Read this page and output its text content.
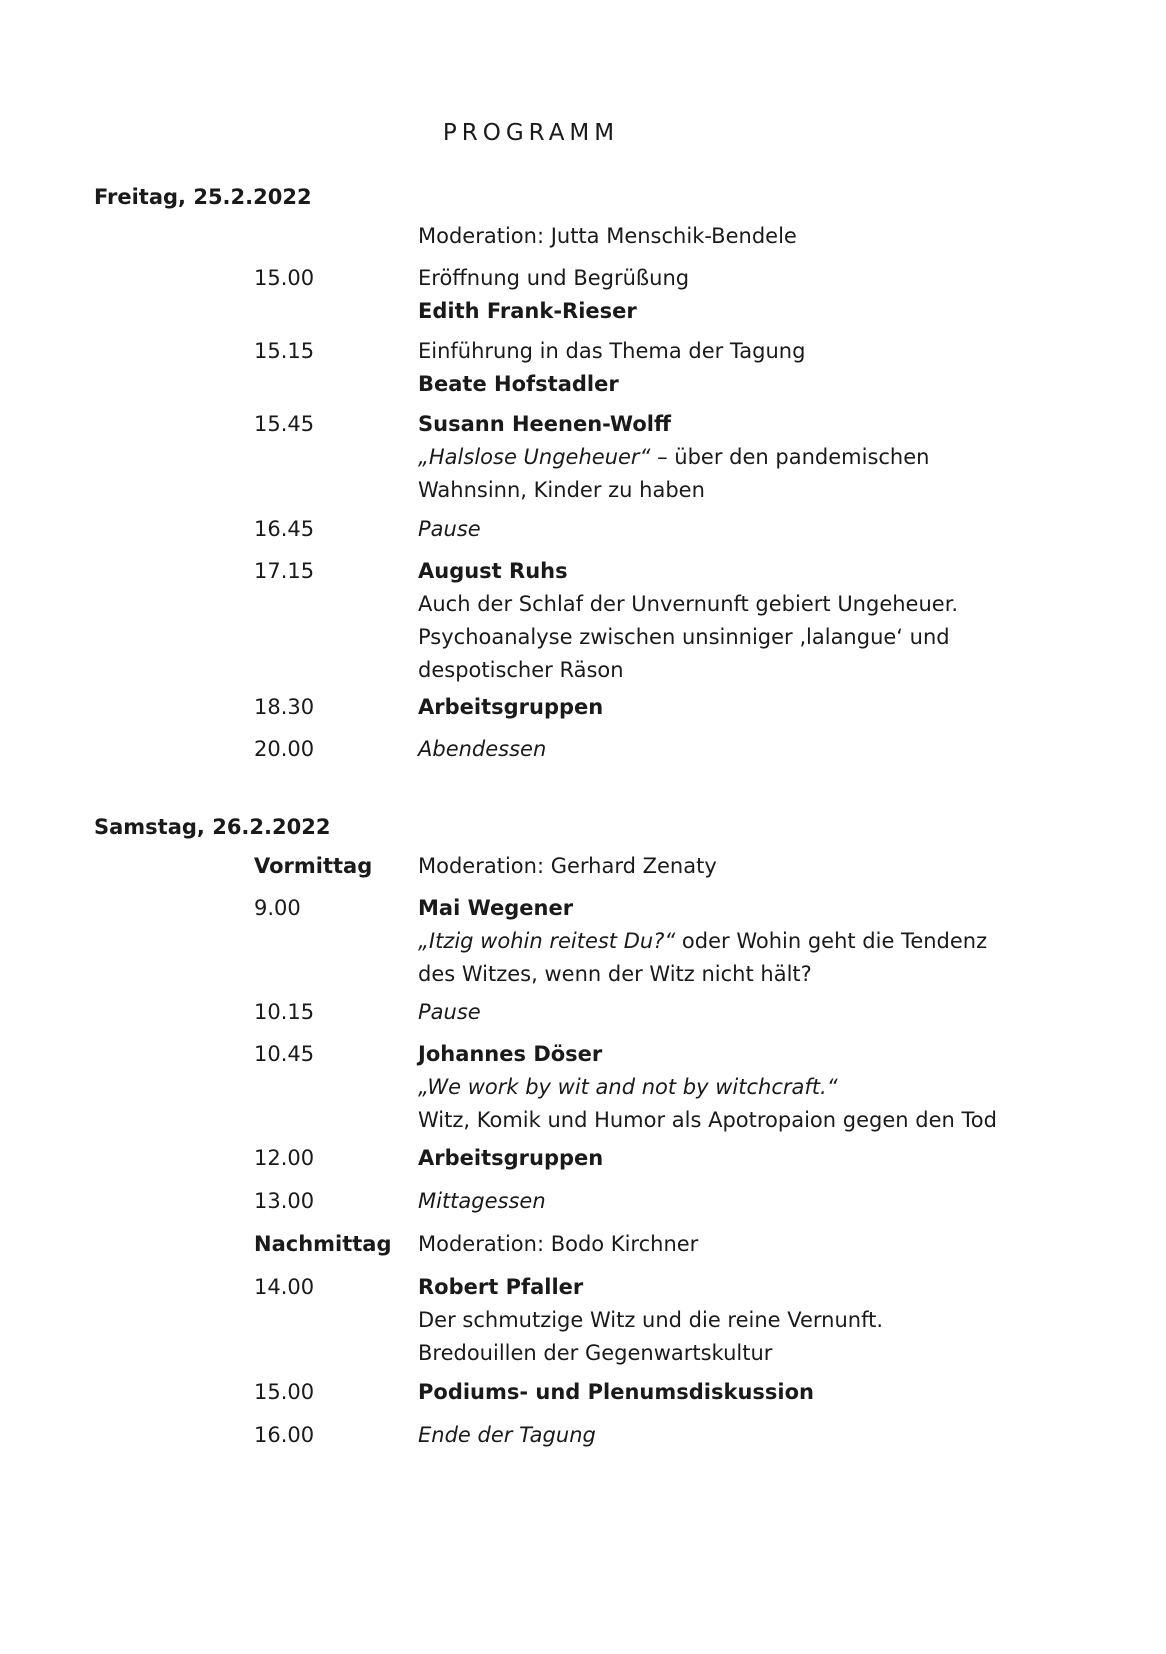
PROGRAMM
Freitag, 25.2.2022
Moderation: Jutta Menschik-Bendele
15.00	Eröffnung und Begrüßung
Edith Frank-Rieser
15.15	Einführung in das Thema der Tagung
Beate Hofstadler
15.45	Susann Heenen-Wolff
„Halslose Ungeheuer“ – über den pandemischen
Wahnsinn, Kinder zu haben
16.45	Pause
17.15	August Ruhs
Auch der Schlaf der Unvernunft gebiert Ungeheuer.
Psychoanalyse zwischen unsinniger ‚lalangue‘ und
despotischer Räson
18.30	Arbeitsgruppen
20.00	Abendessen
Samstag, 26.2.2022
Vormittag Moderation: Gerhard Zenaty
9.00	Mai Wegener
„Itzig wohin reitest Du?“ oder Wohin geht die Tendenz
des Witzes, wenn der Witz nicht hält?
10.15	Pause
10.45	Johannes Döser
„We work by wit and not by witchcraft.“
Witz, Komik und Humor als Apotropaion gegen den Tod
12.00	Arbeitsgruppen
13.00	Mittagessen
Nachmittag Moderation: Bodo Kirchner
14.00	Robert Pfaller
Der schmutzige Witz und die reine Vernunft.
Bredouillen der Gegenwartskultur
15.00	Podiums- und Plenumsdiskussion
16.00	Ende der Tagung
